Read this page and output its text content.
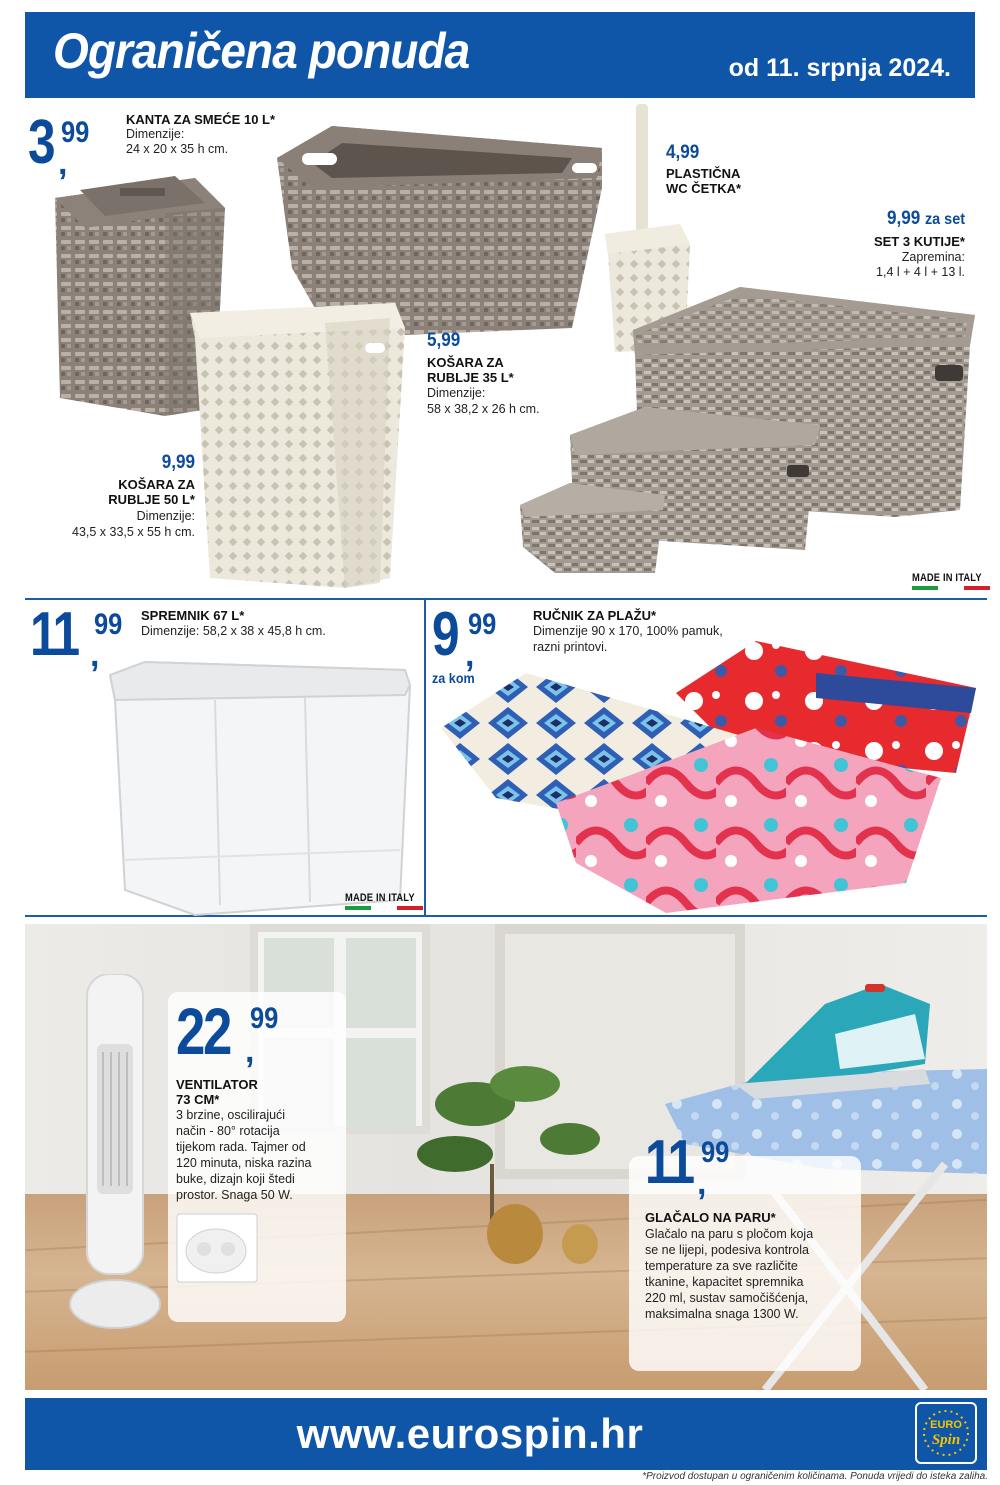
Ograničena ponuda	od 11. srpnja 2024.
3 99
,
KANTA ZA SMEĆE 10 L*
Dimenzije:
24 x 20 x 35 h cm.	4,99
PLASTIČNA
WC ČETKA*
9,99 za set
SET 3 KUTIJE*
Zapremina:
1,4 l + 4 l + 13 l.
5,99
KOŠARA ZA
RUBLJE 35 L*
Dimenzije:
58 x 38,2 x 26 h cm.
9,99
KOŠARA ZA
RUBLJE 50 L*
Dimenzije:
43,5 x 33,5 x 55 h cm.
MADE IN ITALY
11 99
,
SPREMNIK 67 L*
Dimenzije: 58,2 x 38 x 45,8 h cm.
MADE IN ITALY
9 99
,
za kom
RUČNIK ZA PLAŽU*
Dimenzije 90 x 170, 100% pamuk,
razni printovi.
22 99
,
VENTILATOR
73 CM*
3 brzine, oscilirajući
način - 80° rotacija
tijekom rada. Tajmer od
120 minuta, niska razina
buke, dizajn koji štedi
prostor. Snaga 50 W.	11 99
,
GLAČALO NA PARU*
Glačalo na paru s pločom koja
se ne lijepi, podesiva kontrola
temperature za sve različite
tkanine, kapacitet spremnika
220 ml, sustav samočišćenja,
maksimalna snaga 1300 W.
www.eurospin.hr	EURO
Spin
*Proizvod dostupan u ograničenim količinama. Ponuda vrijedi do isteka zaliha.
